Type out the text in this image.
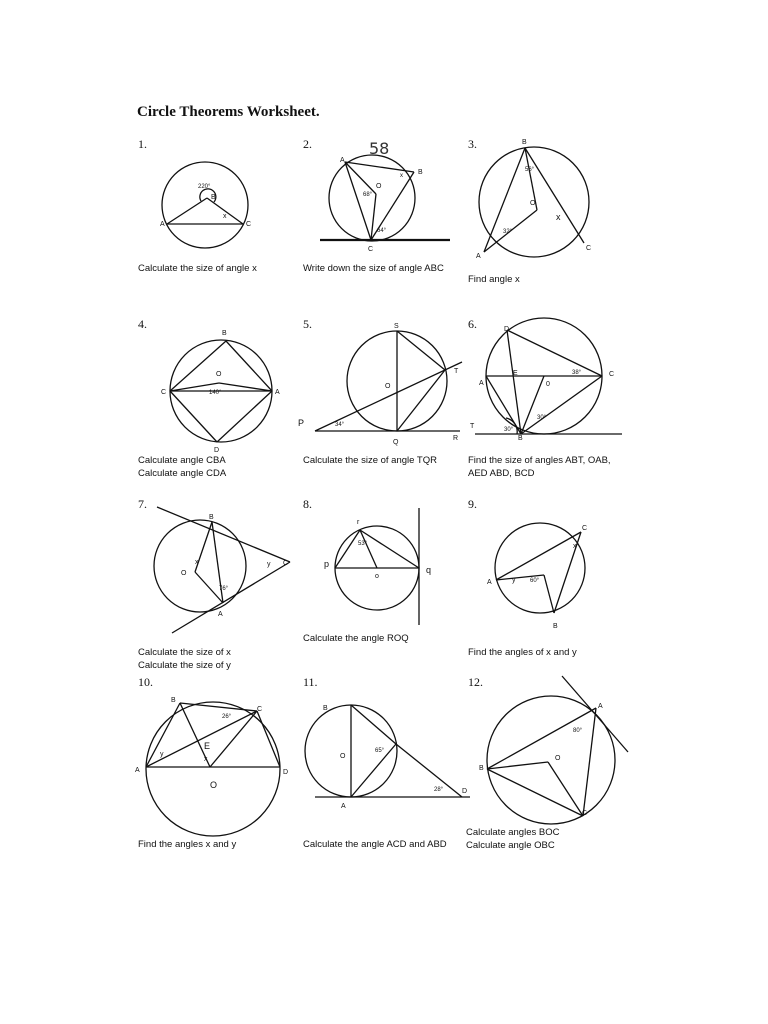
Circle Theorems Worksheet.
1.	2.	3.
4.	5.	6.
7.	8.	9.
10.	11.	12.
Calculate the size of angle x	Write down the size of angle ABC
Find angle x
Calculate angle CBA
Calculate angle CDA
Calculate the size of angle TQR	Find the size of angles ABT, OAB,
AED ABD, BCD
Calculate the size of x
Calculate the size of y
Calculate the angle ROQ
Find the angles of x and y
Find the angles x and y	Calculate the angle ACD and ABD
Calculate angles BOC
Calculate angle OBC
220°
B
A	C
x
A
B
C
O
68°
64°
x
58	B
A
C
O
56°
32°
x
B
C	A
D
O
140°
S
T
P
Q
R
O
34°
D
A
E
0
C
T
B
38°
30°
30°
B
O
A
C
x	y
76°
r
p
q
o
53°
C
A
B
x
y 60°
B
C
A	D
E
O
x
y
26°
B
A
D
O
65°
28°
A
B
C
O
80°
